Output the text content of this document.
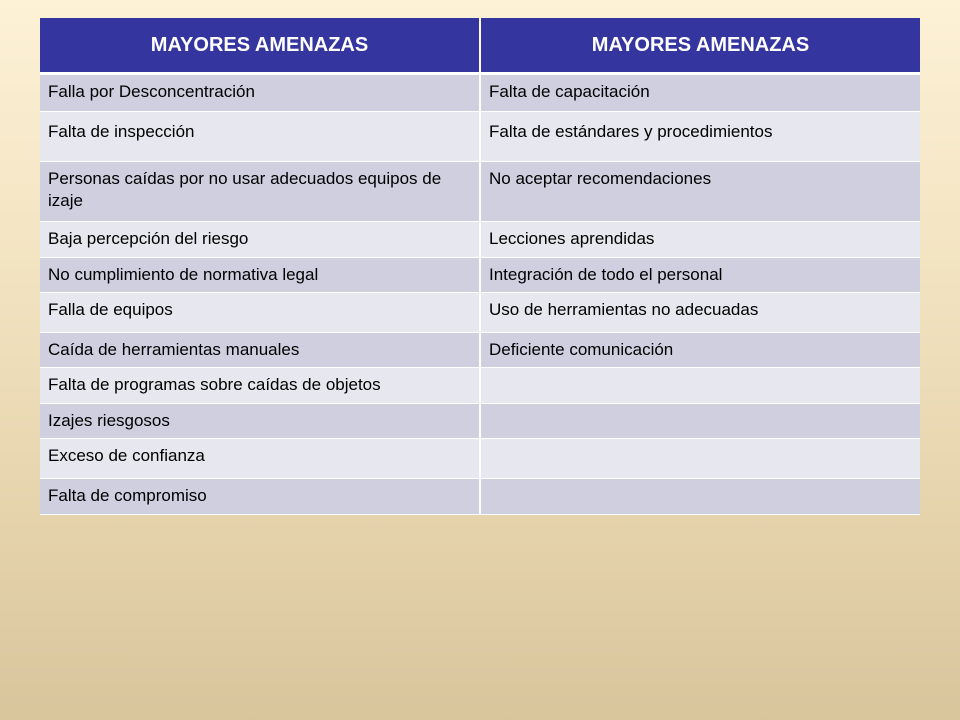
MAYORES AMENAZAS	MAYORES AMENAZAS
Falla por Desconcentración	Falta de capacitación
Falta de inspección	Falta de estándares y procedimientos
Personas caídas por no usar adecuados equipos de izaje	No aceptar recomendaciones
Baja percepción del riesgo	Lecciones aprendidas
No cumplimiento de normativa legal	Integración de todo el personal
Falla de equipos	Uso de herramientas no adecuadas
Caída de herramientas manuales	Deficiente comunicación
Falta de programas sobre caídas de objetos	
Izajes riesgosos	
Exceso de confianza	
Falta de compromiso	
